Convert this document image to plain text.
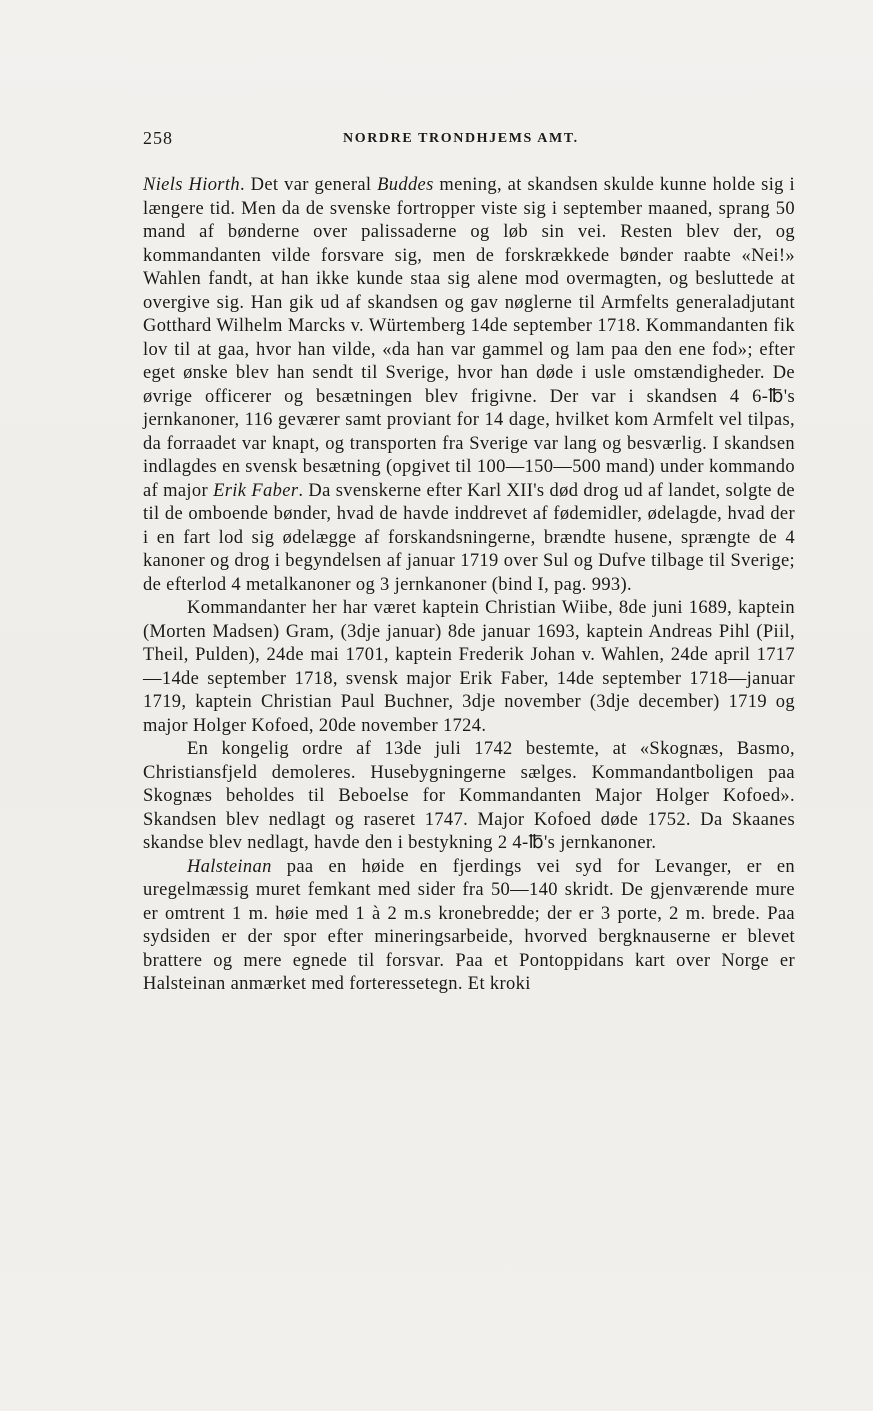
258	NORDRE TRONDHJEMS AMT.

Niels Hiorth. Det var general Buddes mening, at skandsen skulde kunne holde sig i længere tid. Men da de svenske fortropper viste sig i september maaned, sprang 50 mand af bønderne over palissaderne og løb sin vei. Resten blev der, og kommandanten vilde forsvare sig, men de forskrækkede bønder raabte «Nei!» Wahlen fandt, at han ikke kunde staa sig alene mod overmagten, og besluttede at overgive sig. Han gik ud af skandsen og gav nøglerne til Armfelts generaladjutant Gotthard Wilhelm Marcks v. Würtemberg 14de september 1718. Kommandanten fik lov til at gaa, hvor han vilde, «da han var gammel og lam paa den ene fod»; efter eget ønske blev han sendt til Sverige, hvor han døde i usle omstændigheder. De øvrige officerer og besætningen blev frigivne. Der var i skandsen 4 6-℔'s jernkanoner, 116 geværer samt proviant for 14 dage, hvilket kom Armfelt vel tilpas, da forraadet var knapt, og transporten fra Sverige var lang og besværlig. I skandsen indlagdes en svensk besætning (opgivet til 100—150—500 mand) under kommando af major Erik Faber. Da svenskerne efter Karl XII's død drog ud af landet, solgte de til de omboende bønder, hvad de havde inddrevet af fødemidler, ødelagde, hvad der i en fart lod sig ødelægge af forskandsningerne, brændte husene, sprængte de 4 kanoner og drog i begyndelsen af januar 1719 over Sul og Dufve tilbage til Sverige; de efterlod 4 metalkanoner og 3 jernkanoner (bind I, pag. 993).

Kommandanter her har været kaptein Christian Wiibe, 8de juni 1689, kaptein (Morten Madsen) Gram, (3dje januar) 8de januar 1693, kaptein Andreas Pihl (Piil, Theil, Pulden), 24de mai 1701, kaptein Frederik Johan v. Wahlen, 24de april 1717—14de september 1718, svensk major Erik Faber, 14de september 1718—januar 1719, kaptein Christian Paul Buchner, 3dje november (3dje december) 1719 og major Holger Kofoed, 20de november 1724.

En kongelig ordre af 13de juli 1742 bestemte, at «Skognæs, Basmo, Christiansfjeld demoleres. Husebygningerne sælges. Kommandantboligen paa Skognæs beholdes til Beboelse for Kommandanten Major Holger Kofoed». Skandsen blev nedlagt og raseret 1747. Major Kofoed døde 1752. Da Skaanes skandse blev nedlagt, havde den i bestykning 2 4-℔'s jernkanoner.

Halsteinan paa en høide en fjerdings vei syd for Levanger, er en uregelmæssig muret femkant med sider fra 50—140 skridt. De gjenværende mure er omtrent 1 m. høie med 1 à 2 m.s kronebredde; der er 3 porte, 2 m. brede. Paa sydsiden er der spor efter mineringsarbeide, hvorved bergknauserne er blevet brattere og mere egnede til forsvar. Paa et Pontoppidans kart over Norge er Halsteinan anmærket med forteressetegn. Et kroki
